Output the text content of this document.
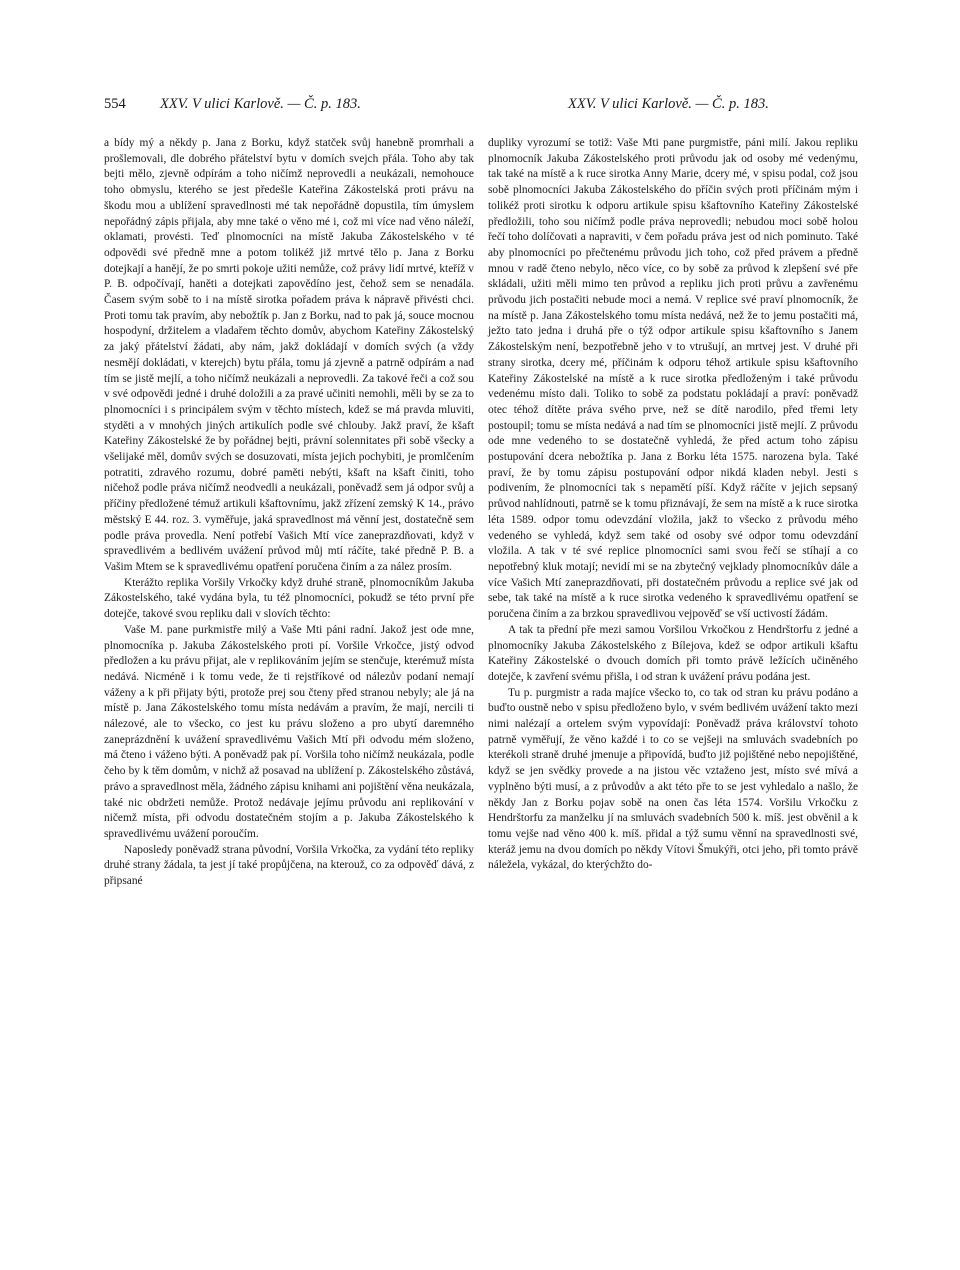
554 XXV. V ulici Karlově. — Č. p. 183.	XXV. V ulici Karlově. — Č. p. 183.

a bídy mý a někdy p. Jana z Borku, když statček svůj hanebně promrhali a prošlemovali, dle dobrého přátelství bytu v domích svejch přála. Toho aby tak bejti mělo, zjevně odpírám a toho ničímž neprovedli a neukázali, nemohouce toho obmyslu, kterého se jest předešle Kateřina Zákostelská proti právu na škodu mou a ublížení spravedlnosti mé tak nepořádně dopustila, tím úmyslem nepořádný zápis přijala, aby mne také o věno mé i, což mi více nad věno náleží, oklamati, provésti. Teď plnomocníci na místě Jakuba Zákostelského v té odpovědi své předně mne a potom tolikéž již mrtvé tělo p. Jana z Borku dotejkají a hanějí, že po smrti pokoje užiti nemůže, což právy lidí mrtvé, kteříž v P. B. odpočívají, haněti a dotejkati zapovědíno jest, čehož sem se nenadála. Časem svým sobě to i na místě sirotka pořadem práva k nápravě přivésti chci. Proti tomu tak pravím, aby nebožtík p. Jan z Borku, nad to pak já, souce mocnou hospodyní, držitelem a vladařem těchto domův, abychom Kateřiny Zákostelský za jaký přátelství žádati, aby nám, jakž dokládají v domích svých (a vždy nesmějí dokládati, v kterejch) bytu přála, tomu já zjevně a patrně odpírám a nad tím se jistě mejlí, a toho ničímž neukázali a neprovedli. Za takové řeči a což sou v své odpovědi jedné i druhé doložili a za pravé učiniti nemohli, měli by se za to plnomocníci i s principálem svým v těchto místech, kdež se má pravda mluviti, styděti a v mnohých jiných artikulích podle své chlouby. Jakž praví, že kšaft Kateřiny Zákostelské že by pořádnej bejti, právní solennitates při sobě všecky a všelijaké měl, domův svých se dosuzovati, místa jejich pochybiti, je promlčením potratiti, zdravého rozumu, dobré paměti nebýti, kšaft na kšaft činiti, toho ničehož podle práva ničímž neodvedli a neukázali, poněvadž sem já odpor svůj a příčiny předložené témuž artikuli kšaftovnímu, jakž zřízení zemský K 14., právo městský E 44. roz. 3. vyměřuje, jaká spravedlnost má věnní jest, dostatečně sem podle práva provedla. Není potřebí Vašich Mtí více zaneprazdňovati, když v spravedlivém a bedlivém uvážení průvod můj mtí ráčíte, také předně P. B. a Vašim Mtem se k spravedlivému opatření poručena činím a za nález prosím.

Kterážto replika Voršily Vrkočky když druhé straně, plnomocníkům Jakuba Zákostelského, také vydána byla, tu též plnomocníci, pokudž se této první pře dotejče, takové svou repliku dali v slovích těchto:

Vaše M. pane purkmistře milý a Vaše Mti páni radní. Jakož jest ode mne, plnomocníka p. Jakuba Zákostelského proti pí. Voršile Vrkočce, jistý odvod předložen a ku právu přijat, ale v replikováním jejím se stenčuje, kterémuž místa nedává. Nicméně i k tomu vede, že ti rejstříkové od nálezův podaní nemají váženy a k při přijaty býti, protože prej sou čteny před stranou nebyly; ale já na místě p. Jana Zákostelského tomu místa nedávám a pravím, že mají, nercili ti nálezové, ale to všecko, co jest ku právu složeno a pro ubytí daremného zaneprázdnění k uvážení spravedlivému Vašich Mtí při odvodu mém složeno, má čteno i váženo býti. A poněvadž pak pí. Voršila toho ničímž neukázala, podle čeho by k těm domům, v nichž až posavad na ublížení p. Zákostelského zůstává, právo a spravedlnost měla, žádného zápisu knihami ani pojištění věna neukázala, také nic obdržeti nemůže. Protož nedávaje jejímu průvodu ani replikování v ničemž místa, při odvodu dostatečném stojím a p. Jakuba Zákostelského k spravedlivému uvážení poroučím.

Naposledy poněvadž strana původní, Voršila Vrkočka, za vydání této repliky druhé strany žádala, ta jest jí také propůjčena, na kterouž, co za odpověď dává, z připsané

dupliky vyrozumí se totiž: Vaše Mti pane purgmistře, páni milí. Jakou repliku plnomocník Jakuba Zákostelského proti průvodu jak od osoby mé vedenýmu, tak také na místě a k ruce sirotka Anny Marie, dcery mé, v spisu podal, což jsou sobě plnomocníci Jakuba Zákostelského do příčin svých proti příčinám mým i tolikéž proti sirotku k odporu artikule spisu kšaftovního Kateřiny Zákostelské předložili, toho sou ničímž podle práva neprovedli; nebudou moci sobě holou řečí toho dolíčovati a napraviti, v čem pořadu práva jest od nich pominuto. Také aby plnomocníci po přečtenému průvodu jich toho, což před právem a předně mnou v radě čteno nebylo, něco více, co by sobě za průvod k zlepšení své pře skládali, užiti měli mimo ten průvod a repliku jich proti průvu a zavřenému průvodu jich postačiti nebude moci a nemá. V replice své praví plnomocník, že na místě p. Jana Zákostelského tomu místa nedává, než že to jemu postačiti má, ježto tato jedna i druhá pře o týž odpor artikule spisu kšaftovního s Janem Zákostelským není, bezpotřebně jeho v to vtrušují, an mrtvej jest. V druhé při strany sirotka, dcery mé, příčinám k odporu téhož artikule spisu kšaftovního Kateřiny Zákostelské na místě a k ruce sirotka předloženým i také průvodu vedenému místo dali. Toliko to sobě za podstatu pokládají a praví: poněvadž otec téhož dítěte práva svého prve, než se dítě narodilo, před třemi lety postoupil; tomu se místa nedává a nad tím se plnomocníci jistě mejlí. Z průvodu ode mne vedeného to se dostatečně vyhledá, že před actum toho zápisu postupování dcera nebožtíka p. Jana z Borku léta 1575. narozena byla. Také praví, že by tomu zápisu postupování odpor nikdá kladen nebyl. Jesti s podivením, že plnomocníci tak s nepamětí píší. Když ráčíte v jejich sepsaný průvod nahlídnouti, patrně se k tomu přiznávají, že sem na místě a k ruce sirotka léta 1589. odpor tomu odevzdání vložila, jakž to všecko z průvodu mého vedeného se vyhledá, když sem také od osoby své odpor tomu odevzdání vložila. A tak v té své replice plnomocníci sami svou řečí se stíhají a co nepotřebný kluk motají; nevidí mi se na zbytečný vejklady plnomocníkův dále a více Vašich Mtí zaneprazdňovati, při dostatečném průvodu a replice své jak od sebe, tak také na místě a k ruce sirotka vedeného k spravedlivému opatření se poručena činím a za brzkou spravedlivou vejpověď se vší uctivostí žádám.

A tak ta přední pře mezi samou Voršilou Vrkočkou z Hendrštorfu z jedné a plnomocníky Jakuba Zákostelského z Bílejova, kdež se odpor artikuli kšaftu Kateřiny Zákostelské o dvouch domích při tomto právě ležících učiněného dotejče, k zavření svému přišla, i od stran k uvážení právu podána jest.

Tu p. purgmistr a rada majíce všecko to, co tak od stran ku právu podáno a buďto oustně nebo v spisu předloženo bylo, v svém bedlivém uvážení takto mezi nimi nalézají a ortelem svým vypovídají: Poněvadž práva království tohoto patrně vyměřují, že věno každé i to co se vejšeji na smluvách svadebních po kterékoli straně druhé jmenuje a připovídá, buďto již pojištěné nebo nepojištěné, když se jen svědky provede a na jistou věc vztaženo jest, místo své mívá a vyplněno býti musí, a z průvodův a akt této pře to se jest vyhledalo a našlo, že někdy Jan z Borku pojav sobě na onen čas léta 1574. Voršilu Vrkočku z Hendrštorfu za manželku jí na smluvách svadebních 500 k. míš. jest obvěnil a k tomu vejše nad věno 400 k. míš. přidal a týž sumu věnní na spravedlnosti své, kteráž jemu na dvou domích po někdy Vítovi Šmukýři, otci jeho, při tomto právě náležela, vykázal, do kterýchžto do-
